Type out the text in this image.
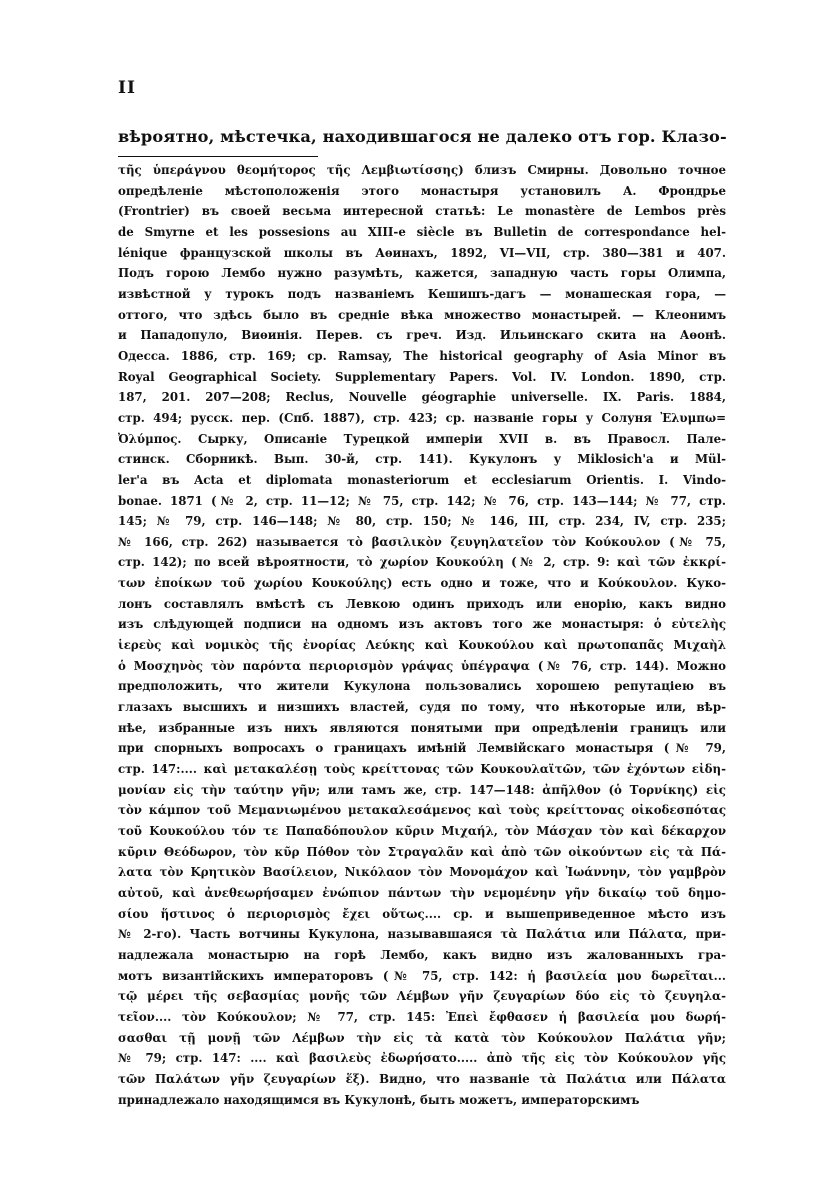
II
вѣроятно, мѣстечка, находившагося не далеко отъ гор. Клазо-
τῆς ὑπεράγνου θεομήτορος τῆς Λεμβιωτίσσης) близъ Смирны. Довольно точное
опредѣленіе мѣстоположенія этого монастыря установилъ А. Фрондрье
(Frontrier) въ своей весьма интересной статьѣ: Le monastère de Lembos près
de Smyrne et les possesions au XIII-e siècle въ Bulletin de correspondance hel-
lénique французской школы въ Аѳинахъ, 1892, VI—VII, стр. 380—381 и 407.
Подъ горою Лембо нужно разумѣть, кажется, западную часть горы Олимпа,
извѣстной у турокъ подъ названіемъ Кешишъ-дагъ — монашеская гора, —
оттого, что здѣсь было въ средніе вѣка множество монастырей. — Клеонимъ
и Пападопуло, Виѳинія. Перев. съ греч. Изд. Ильинскаго скита на Аѳонѣ.
Одесса. 1886, стр. 169; ср. Ramsay, The historical geography of Asia Minor въ
Royal Geographical Society. Supplementary Papers. Vol. IV. London. 1890, стр.
187, 201. 207—208; Reclus, Nouvelle géographie universelle. IX. Paris. 1884,
стр. 494; русск. пер. (Спб. 1887), стр. 423; ср. названіе горы у Солуня Ἐλυμπω=
Ὀλύμπος. Сырку, Описаніе Турецкой имперіи XVII в. въ Правосл. Пале-
стинск. Сборникѣ. Вып. 30-й, стр. 141). Кукулонъ у Miklosich'а и Mül-
ler'а въ Acta et diplomata monasteriorum et ecclesiarum Orientis. I. Vindo-
bonae. 1871 (№ 2, стр. 11—12; № 75, стр. 142; № 76, стр. 143—144; № 77, стр.
145; № 79, стр. 146—148; № 80, стр. 150; № 146, III, стр. 234, IV, стр. 235;
№ 166, стр. 262) называется τὸ βασιλικὸν ζευγηλατεῖον τὸν Κούκουλον (№ 75,
стр. 142); по всей вѣроятности, τὸ χωρίον Κουκούλη (№ 2, стр. 9: καὶ τῶν ἐκκρί-
των ἐποίκων τοῦ χωρίου Κουκούλης) есть одно и тоже, что и Κούκουλον. Куко-
лонъ составлялъ вмѣстѣ съ Левкою одинъ приходъ или енорію, какъ видно
изъ слѣдующей подписи на одномъ изъ актовъ того же монастыря: ὁ εὐτελὴς
ἱερεὺς καὶ νομικὸς τῆς ἐνορίας Λεύκης καὶ Κουκούλου καὶ πρωτοπαπᾶς Μιχαὴλ
ὁ Μοσχηνὸς τὸν παρόντα περιορισμὸν γράψας ὑπέγραψα (№ 76, стр. 144). Можно
предположить, что жители Кукулона пользовались хорошею репутаціею въ
глазахъ высшихъ и низшихъ властей, судя по тому, что нѣкоторые или, вѣр-
нѣе, избранные изъ нихъ являются понятыми при опредѣленіи границъ или
при спорныхъ вопросахъ о границахъ имѣній Лемвійскаго монастыря (№ 79,
стр. 147:.... καὶ μετακαλέσῃ τοὺς κρείττονας τῶν Κουκουλαϊτῶν, τῶν ἐχόντων εἰδη-
μονίαν εἰς τὴν ταύτην γῆν; или тамъ же, стр. 147—148: ἀπῆλθον (ὁ Τορνίκης) εἰς
τὸν κάμπον τοῦ Μεμανιωμένου μετακαλεσάμενος καὶ τοὺς κρείττονας οἰκοδεσπότας
τοῦ Κουκούλου τόν τε Παπαδόπουλον κῦριν Μιχαήλ, τὸν Μάσχαν τὸν καὶ δέκαρχον
κῦριν Θεόδωρον, τὸν κῦρ Πόθον τὸν Στραγαλᾶν καὶ ἀπὸ τῶν οἰκούντων εἰς τὰ Πά-
λατα τὸν Κρητικὸν Βασίλειον, Νικόλαον τὸν Μονομάχον καὶ Ἰωάννην, τὸν γαμβρὸν
αὐτοῦ, καὶ ἀνεθεωρήσαμεν ἐνώπιον πάντων τὴν νεμομένην γῆν δικαίῳ τοῦ δημο-
σίου ἥστινος ὁ περιορισμὸς ἔχει οὕτως.... ср. и вышеприведенное мѣсто изъ
№ 2-го). Часть вотчины Кукулона, называвшаяся τὰ Παλάτια или Πάλατα, при-
надлежала монастырю на горѣ Лембо, какъ видно изъ жалованныхъ гра-
мотъ византійскихъ императоровъ (№ 75, стр. 142: ἡ βασιλεία μου δωρεῖται...
τῷ μέρει τῆς σεβασμίας μονῆς τῶν Λέμβων γῆν ζευγαρίων δύο εἰς τὸ ζευγηλα-
τεῖον.... τὸν Κούκουλον; № 77, стр. 145: Ἐπεὶ ἔφθασεν ἡ βασιλεία μου δωρή-
σασθαι τῇ μονῇ τῶν Λέμβων τὴν εἰς τὰ κατὰ τὸν Κούκουλον Παλάτια γῆν;
№ 79; стр. 147: .... καὶ βασιλεὺς ἐδωρήσατο..... ἀπὸ τῆς εἰς τὸν Κούκουλον γῆς
τῶν Παλάτων γῆν ζευγαρίων ἕξ). Видно, что названіе τὰ Παλάτια или Πάλατα
принадлежало находящимся въ Кукулонѣ, быть можетъ, императорскимъ
